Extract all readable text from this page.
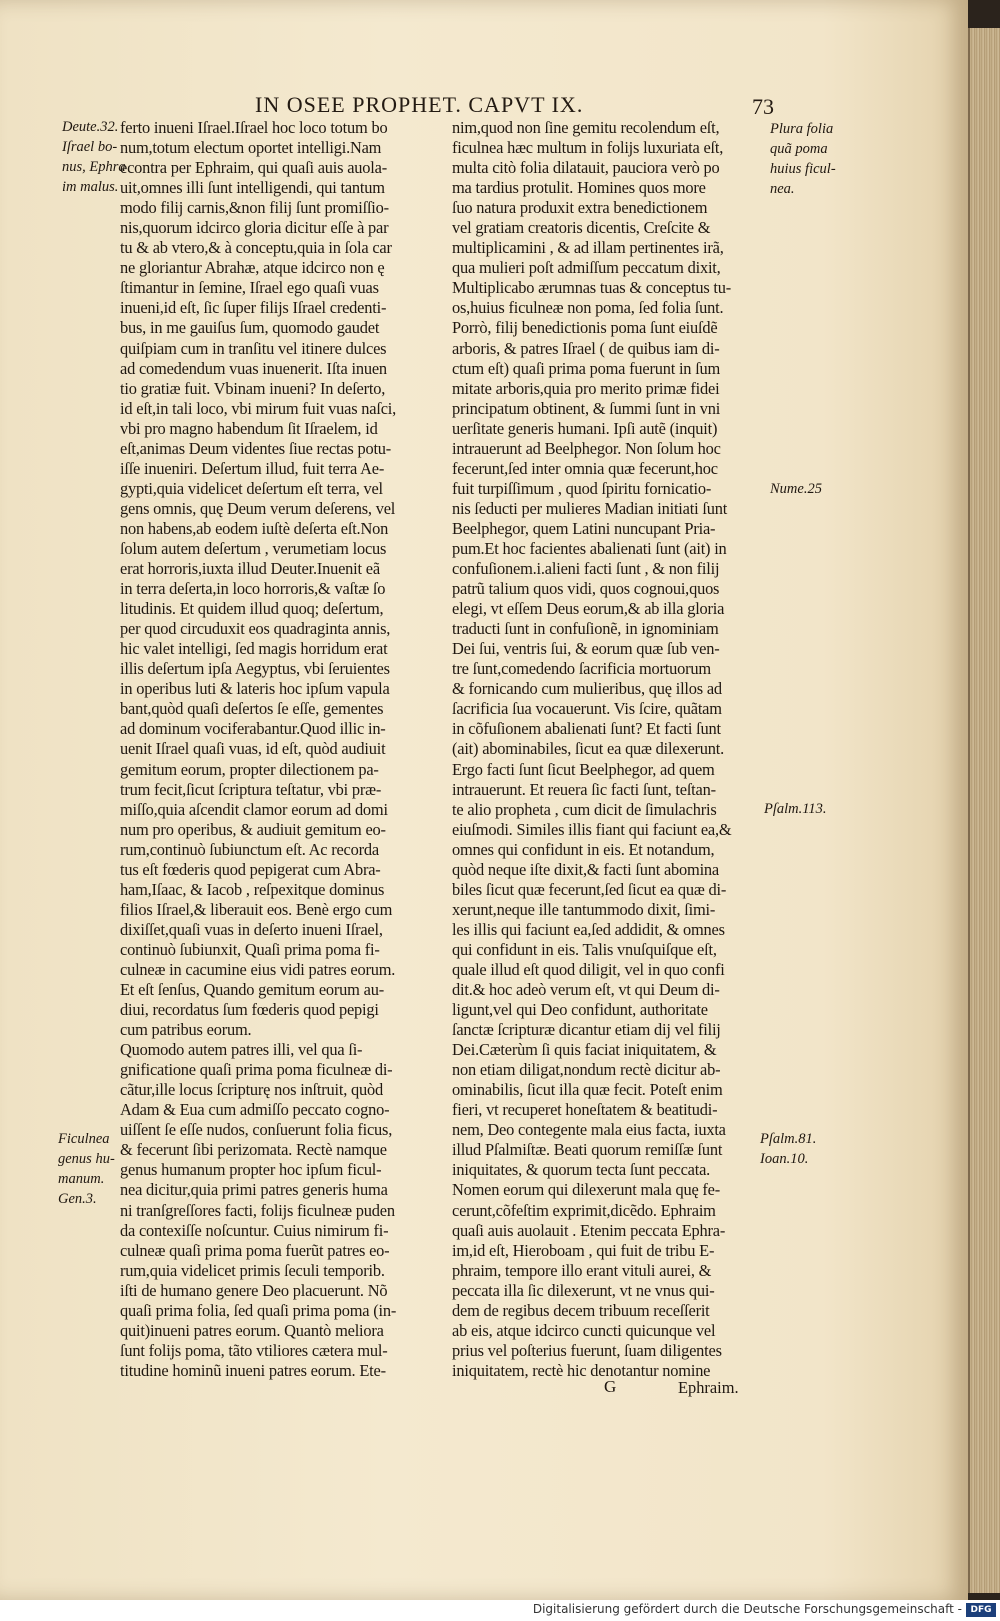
IN OSEE PROPHET. CAPVT IX.	73
ferto inueni Iſrael.Iſrael hoc loco totum bo
num,totum electum oportet intelligi.Nam
econtra per Ephraim, qui quaſi auis auola-
uit,omnes illi ſunt intelligendi, qui tantum
modo filij carnis,&non filij ſunt promiſſio-
nis,quorum idcirco gloria dicitur eſſe à par
tu & ab vtero,& à conceptu,quia in ſola car
ne gloriantur Abrahæ, atque idcirco non ę
ſtimantur in ſemine, Iſrael ego quaſi vuas
inueni,id eſt, ſic ſuper filijs Iſrael credenti-
bus, in me gauiſus ſum, quomodo gaudet
quiſpiam cum in tranſitu vel itinere dulces
ad comedendum vuas inuenerit. Iſta inuen
tio gratiæ fuit. Vbinam inueni? In deſerto,
id eſt,in tali loco, vbi mirum fuit vuas naſci,
vbi pro magno habendum ſit Iſraelem, id
eſt,animas Deum videntes ſiue rectas potu-
iſſe inueniri. Deſertum illud, fuit terra Ae-
gypti,quia videlicet deſertum eſt terra, vel
gens omnis, quę Deum verum deſerens, vel
non habens,ab eodem iuſtè deſerta eſt.Non
ſolum autem deſertum , verumetiam locus
erat horroris,iuxta illud Deuter.Inuenit eã
in terra deſerta,in loco horroris,& vaſtæ ſo
litudinis. Et quidem illud quoq; deſertum,
per quod circuduxit eos quadraginta annis,
hic valet intelligi, ſed magis horridum erat
illis deſertum ipſa Aegyptus, vbi ſeruientes
in operibus luti & lateris hoc ipſum vapula
bant,quòd quaſi deſertos ſe eſſe, gementes
ad dominum vociferabantur.Quod illic in-
uenit Iſrael quaſi vuas, id eſt, quòd audiuit
gemitum eorum, propter dilectionem pa-
trum fecit,ſicut ſcriptura teſtatur, vbi præ-
miſſo,quia aſcendit clamor eorum ad domi
num pro operibus, & audiuit gemitum eo-
rum,continuò ſubiunctum eſt. Ac recorda
tus eſt fœderis quod pepigerat cum Abra-
ham,Iſaac, & Iacob , reſpexitque dominus
filios Iſrael,& liberauit eos. Benè ergo cum
dixiſſet,quaſi vuas in deſerto inueni Iſrael,
continuò ſubiunxit, Quaſi prima poma fi-
culneæ in cacumine eius vidi patres eorum.
Et eſt ſenſus, Quando gemitum eorum au-
diui, recordatus ſum fœderis quod pepigi
cum patribus eorum.
Quomodo autem patres illi, vel qua ſi-
gnificatione quaſi prima poma ficulneæ di-
cãtur,ille locus ſcripturę nos inſtruit, quòd
Adam & Eua cum admiſſo peccato cogno-
uiſſent ſe eſſe nudos, conſuerunt folia ficus,
& fecerunt ſibi perizomata. Rectè namque
genus humanum propter hoc ipſum ficul-
nea dicitur,quia primi patres generis huma
ni tranſgreſſores facti, folijs ficulneæ puden
da contexiſſe noſcuntur. Cuius nimirum fi-
culneæ quaſi prima poma fuerũt patres eo-
rum,quia videlicet primis ſeculi temporib.
iſti de humano genere Deo placuerunt. Nõ
quaſi prima folia, ſed quaſi prima poma (in-
quit)inueni patres eorum. Quantò meliora
ſunt folijs poma, tãto vtiliores cætera mul-
titudine hominũ inueni patres eorum. Ete-
nim,quod non ſine gemitu recolendum eſt,
ficulnea hæc multum in folijs luxuriata eſt,
multa citò folia dilatauit, pauciora verò po
ma tardius protulit. Homines quos more
ſuo natura produxit extra benedictionem
vel gratiam creatoris dicentis, Creſcite &
multiplicamini , & ad illam pertinentes irã,
qua mulieri poſt admiſſum peccatum dixit,
Multiplicabo ærumnas tuas & conceptus tu-
os,huius ficulneæ non poma, ſed folia ſunt.
Porrò, filij benedictionis poma ſunt eiuſdẽ
arboris, & patres Iſrael ( de quibus iam di-
ctum eſt) quaſi prima poma fuerunt in ſum
mitate arboris,quia pro merito primæ fidei
principatum obtinent, & ſummi ſunt in vni
uerſitate generis humani. Ipſi autẽ (inquit)
intrauerunt ad Beelphegor. Non ſolum hoc
fecerunt,ſed inter omnia quæ fecerunt,hoc
fuit turpiſſimum , quod ſpiritu fornicatio-
nis ſeducti per mulieres Madian initiati ſunt
Beelphegor, quem Latini nuncupant Pria-
pum.Et hoc facientes abalienati ſunt (ait) in
confuſionem.i.alieni facti ſunt , & non filij
patrũ talium quos vidi, quos cognoui,quos
elegi, vt eſſem Deus eorum,& ab illa gloria
traducti ſunt in confuſionẽ, in ignominiam
Dei ſui, ventris ſui, & eorum quæ ſub ven-
tre ſunt,comedendo ſacrificia mortuorum
& fornicando cum mulieribus, quę illos ad
ſacrificia ſua vocauerunt. Vis ſcire, quãtam
in cõfuſionem abalienati ſunt? Et facti ſunt
(ait) abominabiles, ſicut ea quæ dilexerunt.
Ergo facti ſunt ſicut Beelphegor, ad quem
intrauerunt. Et reuera ſic facti ſunt, teſtan-
te alio propheta , cum dicit de ſimulachris
eiuſmodi. Similes illis fiant qui faciunt ea,&
omnes qui confidunt in eis. Et notandum,
quòd neque iſte dixit,& facti ſunt abomina
biles ſicut quæ fecerunt,ſed ſicut ea quæ di-
xerunt,neque ille tantummodo dixit, ſimi-
les illis qui faciunt ea,ſed addidit, & omnes
qui confidunt in eis. Talis vnuſquiſque eſt,
quale illud eſt quod diligit, vel in quo confi
dit.& hoc adeò verum eſt, vt qui Deum di-
ligunt,vel qui Deo confidunt, authoritate
ſanctæ ſcripturæ dicantur etiam dij vel filij
Dei.Cæterùm ſi quis faciat iniquitatem, &
non etiam diligat,nondum rectè dicitur ab-
ominabilis, ſicut illa quæ fecit. Poteſt enim
fieri, vt recuperet honeſtatem & beatitudi-
nem, Deo contegente mala eius facta, iuxta
illud Pſalmiſtæ. Beati quorum remiſſæ ſunt
iniquitates, & quorum tecta ſunt peccata.
Nomen eorum qui dilexerunt mala quę fe-
cerunt,cõfeſtim exprimit,dicẽdo. Ephraim
quaſi auis auolauit . Etenim peccata Ephra-
im,id eſt, Hieroboam , qui fuit de tribu E-
phraim, tempore illo erant vituli aurei, &
peccata illa ſic dilexerunt, vt ne vnus qui-
dem de regibus decem tribuum receſſerit
ab eis, atque idcirco cuncti quicunque vel
prius vel poſterius fuerunt, ſuam diligentes
iniquitatem, rectè hic denotantur nomine
Deute.32.
Iſrael bo-
nus, Ephra
im malus.
Ficulnea
genus hu-
manum.
Gen.3.
Plura folia
quã poma
huius ficul-
nea.
Nume.25
Pſalm.113.
Pſalm.81.
Ioan.10.
G	Ephraim.
Digitalisierung gefördert durch die Deutsche Forschungsgemeinschaft - DFG
